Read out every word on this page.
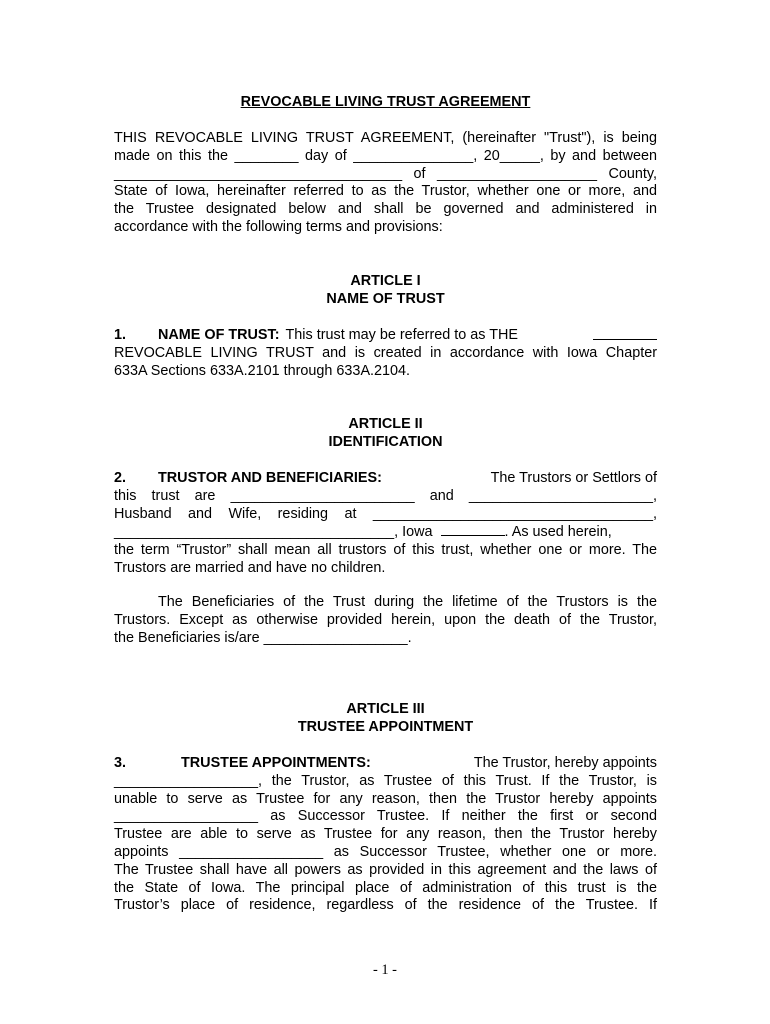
REVOCABLE LIVING TRUST AGREEMENT
THIS REVOCABLE LIVING TRUST AGREEMENT, (hereinafter "Trust"), is being
made on this the ________ day of _______________, 20_____, by and between
____________________________________ of ____________________ County,
State of Iowa, hereinafter referred to as the Trustor, whether one or more, and
the Trustee designated below and shall be governed and administered in
accordance with the following terms and provisions:
ARTICLE I
NAME OF TRUST
1.	NAME OF TRUST: This trust may be referred to as THE
REVOCABLE LIVING TRUST and is created in accordance with Iowa Chapter
633A Sections 633A.2101 through 633A.2104.
ARTICLE II
IDENTIFICATION
2.	TRUSTOR AND BENEFICIARIES:	The Trustors or Settlors of
this trust are _______________________ and _______________________,
Husband and Wife, residing at ___________________________________,
___________________________________, Iowa	. As used herein,
the term “Trustor” shall mean all trustors of this trust, whether one or more. The
Trustors are married and have no children.
The Beneficiaries of the Trust during the lifetime of the Trustors is the
Trustors. Except as otherwise provided herein, upon the death of the Trustor,
the Beneficiaries is/are __________________.
ARTICLE III
TRUSTEE APPOINTMENT
3.	TRUSTEE APPOINTMENTS:	The Trustor, hereby appoints
__________________, the Trustor, as Trustee of this Trust. If the Trustor, is
unable to serve as Trustee for any reason, then the Trustor hereby appoints
__________________ as Successor Trustee. If neither the first or second
Trustee are able to serve as Trustee for any reason, then the Trustor hereby
appoints __________________ as Successor Trustee, whether one or more.
The Trustee shall have all powers as provided in this agreement and the laws of
the State of Iowa. The principal place of administration of this trust is the
Trustor’s place of residence, regardless of the residence of the Trustee. If
- 1 -
